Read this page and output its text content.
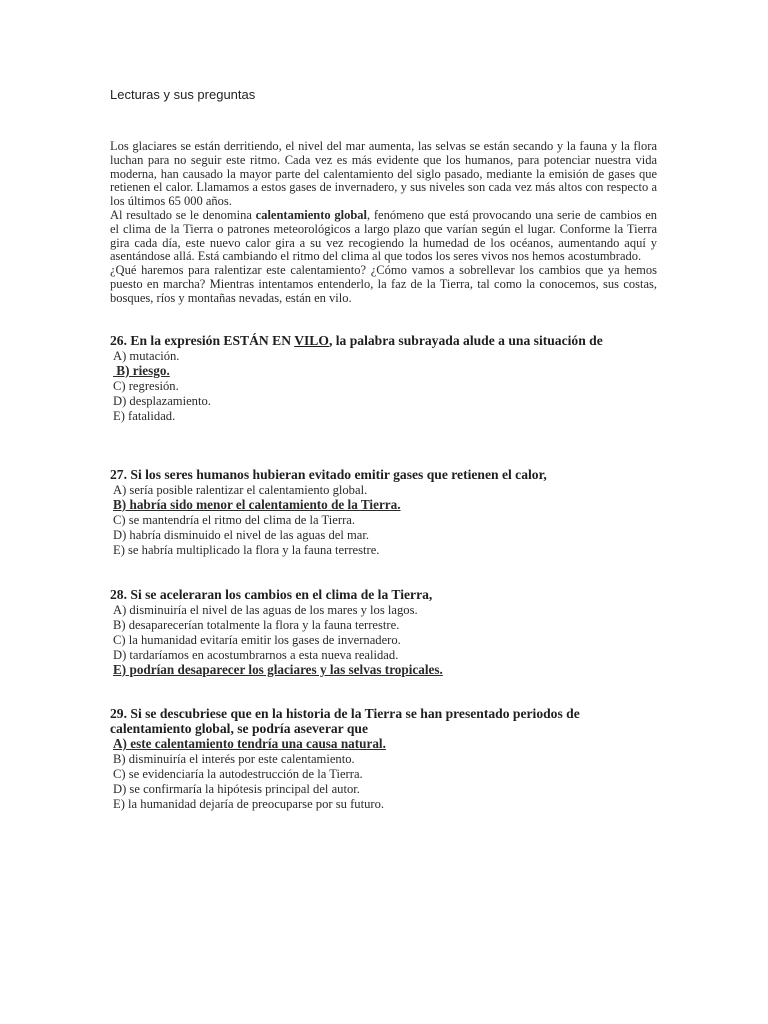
Lecturas y sus preguntas

Los glaciares se están derritiendo, el nivel del mar aumenta, las selvas se están secando y la fauna y la flora luchan para no seguir este ritmo. Cada vez es más evidente que los humanos, para potenciar nuestra vida moderna, han causado la mayor parte del calentamiento del siglo pasado, mediante la emisión de gases que retienen el calor. Llamamos a estos gases de invernadero, y sus niveles son cada vez más altos con respecto a los últimos 65 000 años.

Al resultado se le denomina calentamiento global, fenómeno que está provocando una serie de cambios en el clima de la Tierra o patrones meteorológicos a largo plazo que varían según el lugar. Conforme la Tierra gira cada día, este nuevo calor gira a su vez recogiendo la humedad de los océanos, aumentando aquí y asentándose allá. Está cambiando el ritmo del clima al que todos los seres vivos nos hemos acostumbrado.

¿Qué haremos para ralentizar este calentamiento? ¿Cómo vamos a sobrellevar los cambios que ya hemos puesto en marcha? Mientras intentamos entenderlo, la faz de la Tierra, tal como la conocemos, sus costas, bosques, ríos y montañas nevadas, están en vilo.

26. En la expresión ESTÁN EN VILO, la palabra subrayada alude a una situación de
A) mutación.
B) riesgo.
C) regresión.
D) desplazamiento.
E) fatalidad.
27. Si los seres humanos hubieran evitado emitir gases que retienen el calor,
A) sería posible ralentizar el calentamiento global.
B) habría sido menor el calentamiento de la Tierra.
C) se mantendría el ritmo del clima de la Tierra.
D) habría disminuido el nivel de las aguas del mar.
E) se habría multiplicado la flora y la fauna terrestre.
28. Si se aceleraran los cambios en el clima de la Tierra,
A) disminuiría el nivel de las aguas de los mares y los lagos.
B) desaparecerían totalmente la flora y la fauna terrestre.
C) la humanidad evitaría emitir los gases de invernadero.
D) tardaríamos en acostumbrarnos a esta nueva realidad.
E) podrían desaparecer los glaciares y las selvas tropicales.
29. Si se descubriese que en la historia de la Tierra se han presentado periodos de calentamiento global, se podría aseverar que
A) este calentamiento tendría una causa natural.
B) disminuiría el interés por este calentamiento.
C) se evidenciaría la autodestrucción de la Tierra.
D) se confirmaría la hipótesis principal del autor.
E) la humanidad dejaría de preocuparse por su futuro.
